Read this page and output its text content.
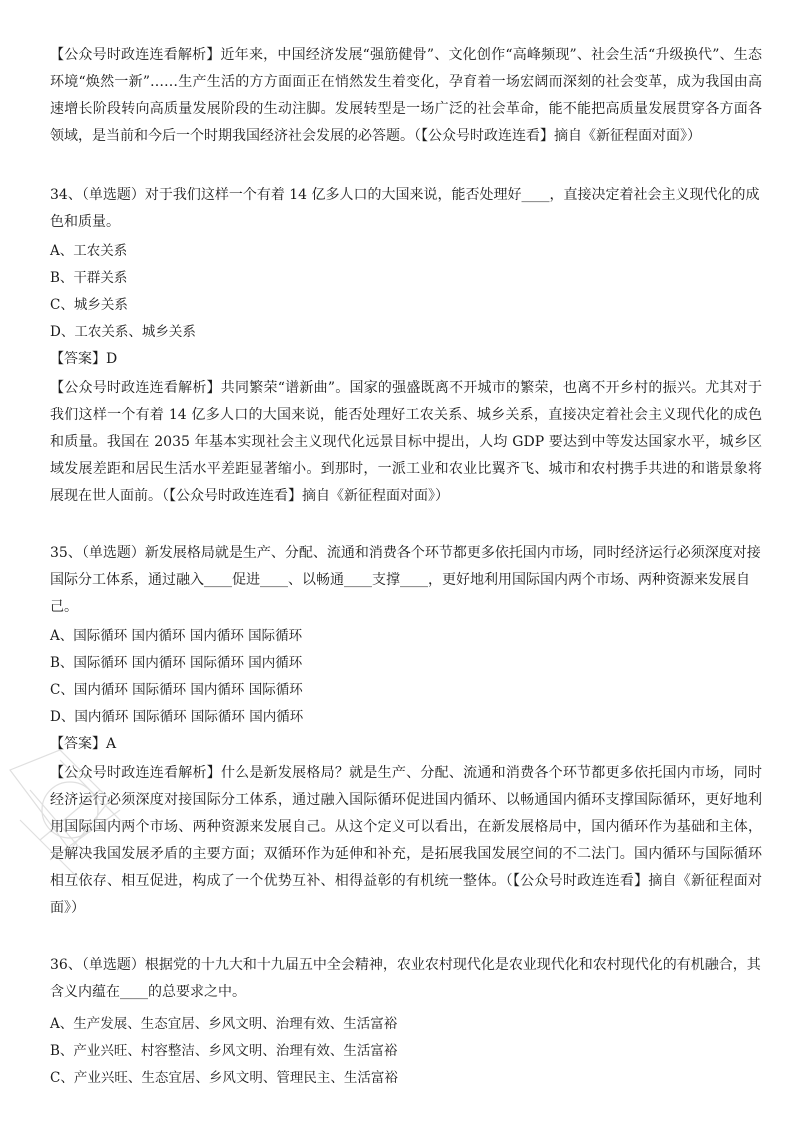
【公众号时政连连看解析】近年来，中国经济发展“强筋健骨”、文化创作“高峰频现”、社会生活“升级换代”、生态环境“焕然一新”……生产生活的方方面面正在悄然发生着变化，孕育着一场宏阔而深刻的社会变革，成为我国由高速增长阶段转向高质量发展阶段的生动注脚。发展转型是一场广泛的社会革命，能不能把高质量发展贯穿各方面各领域，是当前和今后一个时期我国经济社会发展的必答题。（【公众号时政连连看】摘自《新征程面对面》）

34、（单选题）对于我们这样一个有着 14 亿多人口的大国来说，能否处理好____，直接决定着社会主义现代化的成色和质量。

A、工农关系

B、干群关系

C、城乡关系

D、工农关系、城乡关系

【答案】D

【公众号时政连连看解析】共同繁荣“谱新曲”。国家的强盛既离不开城市的繁荣，也离不开乡村的振兴。尤其对于我们这样一个有着 14 亿多人口的大国来说，能否处理好工农关系、城乡关系，直接决定着社会主义现代化的成色和质量。我国在 2035 年基本实现社会主义现代化远景目标中提出，人均 GDP 要达到中等发达国家水平，城乡区域发展差距和居民生活水平差距显著缩小。到那时，一派工业和农业比翼齐飞、城市和农村携手共进的和谐景象将展现在世人面前。（【公众号时政连连看】摘自《新征程面对面》）

35、（单选题）新发展格局就是生产、分配、流通和消费各个环节都更多依托国内市场，同时经济运行必须深度对接国际分工体系，通过融入____促进____、以畅通____支撑____，更好地利用国际国内两个市场、两种资源来发展自己。

A、国际循环 国内循环 国内循环 国际循环

B、国际循环 国内循环 国际循环 国内循环

C、国内循环 国际循环 国内循环 国际循环

D、国内循环 国际循环 国际循环 国内循环

【答案】A

【公众号时政连连看解析】什么是新发展格局？就是生产、分配、流通和消费各个环节都更多依托国内市场，同时经济运行必须深度对接国际分工体系，通过融入国际循环促进国内循环、以畅通国内循环支撑国际循环，更好地利用国际国内两个市场、两种资源来发展自己。从这个定义可以看出，在新发展格局中，国内循环作为基础和主体，是解决我国发展矛盾的主要方面；双循环作为延伸和补充，是拓展我国发展空间的不二法门。国内循环与国际循环相互依存、相互促进，构成了一个优势互补、相得益彰的有机统一整体。（【公众号时政连连看】摘自《新征程面对面》）

36、（单选题）根据党的十九大和十九届五中全会精神，农业农村现代化是农业现代化和农村现代化的有机融合，其含义内蕴在____的总要求之中。

A、生产发展、生态宜居、乡风文明、治理有效、生活富裕

B、产业兴旺、村容整洁、乡风文明、治理有效、生活富裕

C、产业兴旺、生态宜居、乡风文明、管理民主、生活富裕
